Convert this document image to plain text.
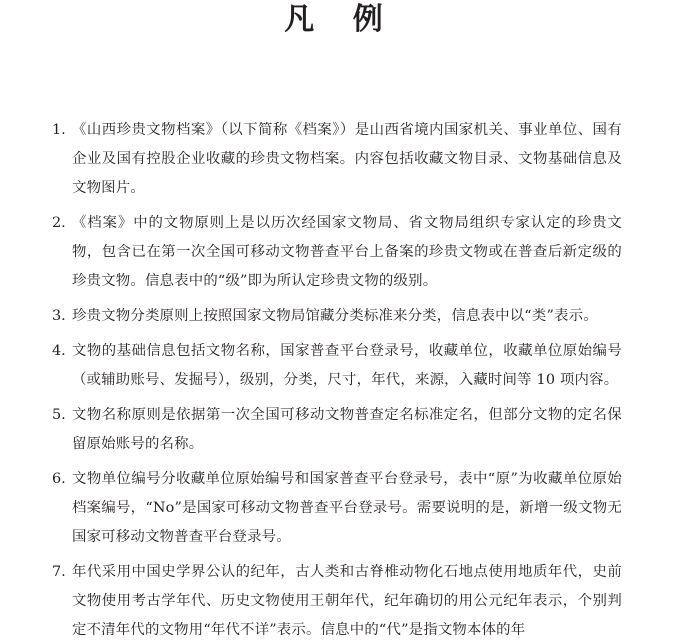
凡 例
1. 《山西珍贵文物档案》（以下简称《档案》）是山西省境内国家机关、事业单位、国有企业及国有控股企业收藏的珍贵文物档案。内容包括收藏文物目录、文物基础信息及文物图片。
2. 《档案》中的文物原则上是以历次经国家文物局、省文物局组织专家认定的珍贵文物，包含已在第一次全国可移动文物普查平台上备案的珍贵文物或在普查后新定级的珍贵文物。信息表中的“级”即为所认定珍贵文物的级别。
3. 珍贵文物分类原则上按照国家文物局馆藏分类标准来分类，信息表中以“类”表示。
4. 文物的基础信息包括文物名称，国家普查平台登录号，收藏单位，收藏单位原始编号（或辅助账号、发掘号），级别，分类，尺寸，年代，来源，入藏时间等 10 项内容。
5. 文物名称原则是依据第一次全国可移动文物普查定名标准定名，但部分文物的定名保留原始账号的名称。
6. 文物单位编号分收藏单位原始编号和国家普查平台登录号，表中“原”为收藏单位原始档案编号，“No”是国家可移动文物普查平台登录号。需要说明的是，新增一级文物无国家可移动文物普查平台登录号。
7. 年代采用中国史学界公认的纪年，古人类和古脊椎动物化石地点使用地质年代，史前文物使用考古学年代、历史文物使用王朝年代，纪年确切的用公元纪年表示，个别判定不清年代的文物用“年代不详”表示。信息中的“代”是指文物本体的年
